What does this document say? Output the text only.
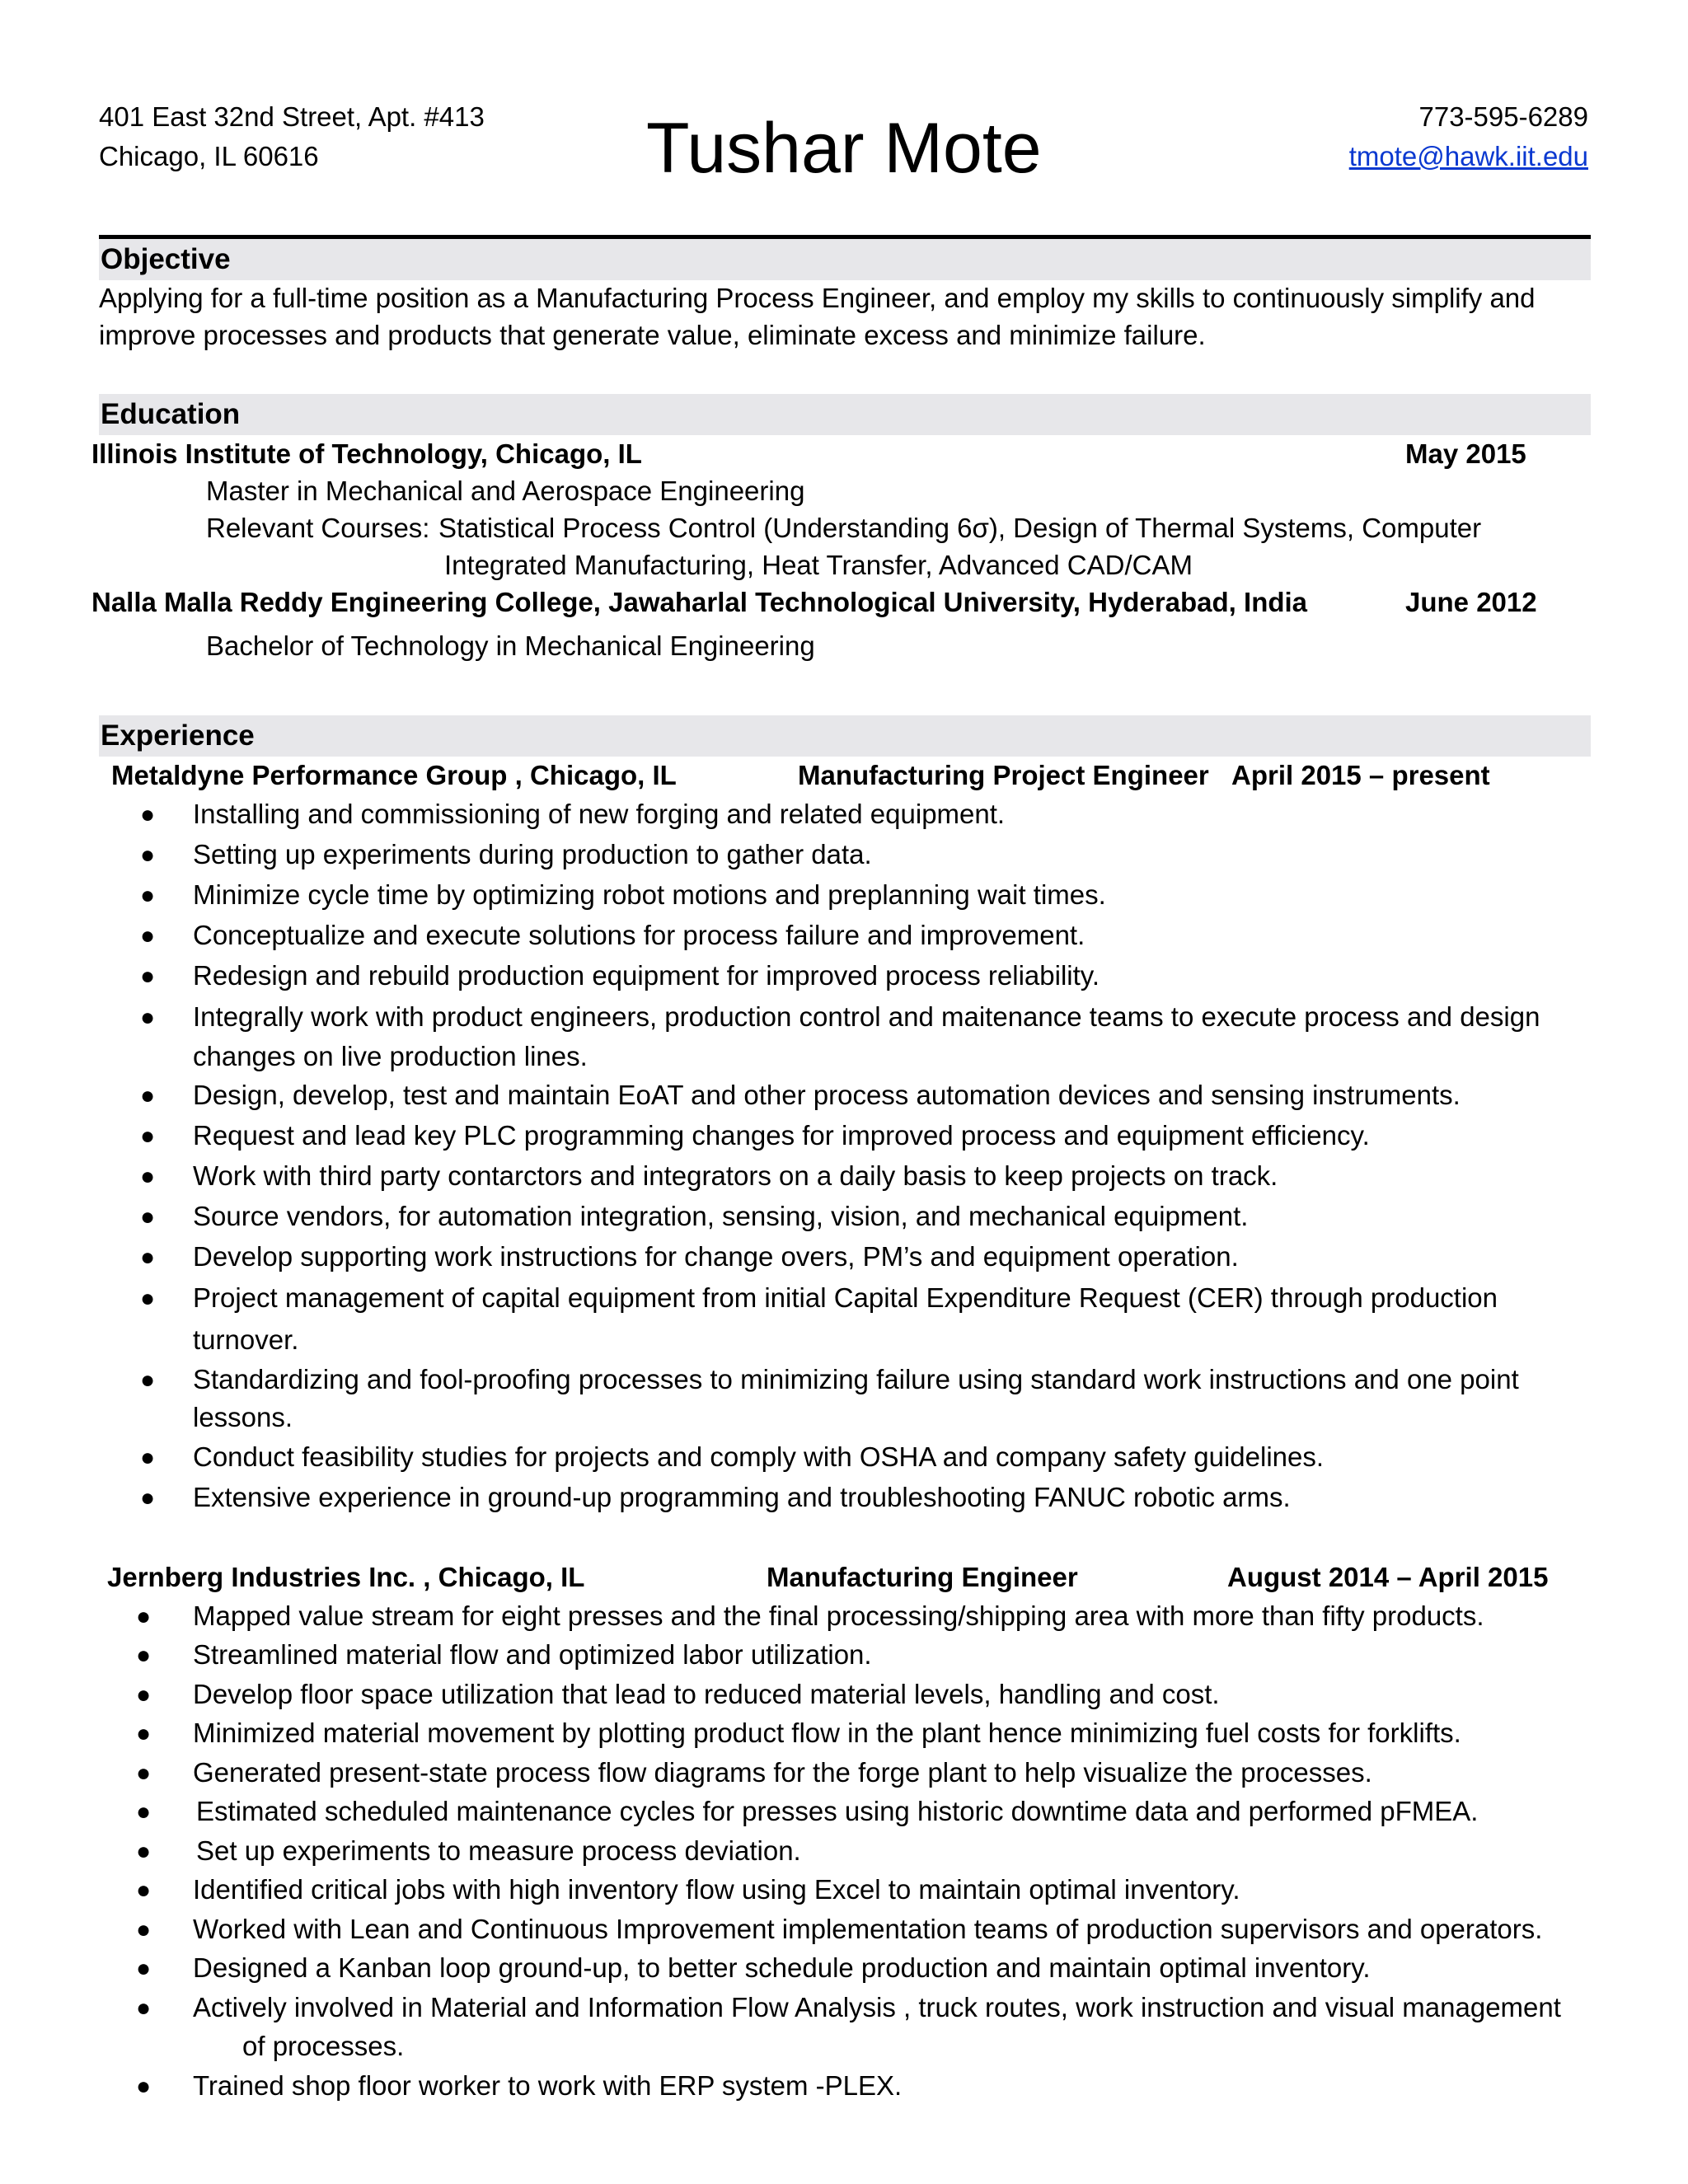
401 East 32nd Street, Apt. #413
Chicago, IL 60616	Tushar Mote	773-595-6289
tmote@hawk.iit.edu
Objective
Applying for a full-time position as a Manufacturing Process Engineer, and employ my skills to continuously simplify and
improve processes and products that generate value, eliminate excess and minimize failure.
Education
Illinois Institute of Technology, Chicago, IL	May 2015
Master in Mechanical and Aerospace Engineering
Relevant Courses: Statistical Process Control (Understanding 6σ), Design of Thermal Systems, Computer
Integrated Manufacturing, Heat Transfer, Advanced CAD/CAM
Nalla Malla Reddy Engineering College, Jawaharlal Technological University, Hyderabad, India	June 2012
Bachelor of Technology in Mechanical Engineering
Experience
Metaldyne Performance Group , Chicago, IL	Manufacturing Project Engineer April 2015 – present
● Installing and commissioning of new forging and related equipment.
● Setting up experiments during production to gather data.
● Minimize cycle time by optimizing robot motions and preplanning wait times.
● Conceptualize and execute solutions for process failure and improvement.
● Redesign and rebuild production equipment for improved process reliability.
● Integrally work with product engineers, production control and maitenance teams to execute process and design
changes on live production lines.
● Design, develop, test and maintain EoAT and other process automation devices and sensing instruments.
● Request and lead key PLC programming changes for improved process and equipment efficiency.
● Work with third party contarctors and integrators on a daily basis to keep projects on track.
● Source vendors, for automation integration, sensing, vision, and mechanical equipment.
● Develop supporting work instructions for change overs, PM’s and equipment operation.
● Project management of capital equipment from initial Capital Expenditure Request (CER) through production
turnover.
● Standardizing and fool-proofing processes to minimizing failure using standard work instructions and one point
lessons.
● Conduct feasibility studies for projects and comply with OSHA and company safety guidelines.
● Extensive experience in ground-up programming and troubleshooting FANUC robotic arms.
Jernberg Industries Inc. , Chicago, IL	Manufacturing Engineer	August 2014 – April 2015
● Mapped value stream for eight presses and the final processing/shipping area with more than fifty products.
● Streamlined material flow and optimized labor utilization.
● Develop floor space utilization that lead to reduced material levels, handling and cost.
● Minimized material movement by plotting product flow in the plant hence minimizing fuel costs for forklifts.
● Generated present-state process flow diagrams for the forge plant to help visualize the processes.
● Estimated scheduled maintenance cycles for presses using historic downtime data and performed pFMEA.
● Set up experiments to measure process deviation.
● Identified critical jobs with high inventory flow using Excel to maintain optimal inventory.
● Worked with Lean and Continuous Improvement implementation teams of production supervisors and operators.
● Designed a Kanban loop ground-up, to better schedule production and maintain optimal inventory.
● Actively involved in Material and Information Flow Analysis , truck routes, work instruction and visual management
of processes.
● Trained shop floor worker to work with ERP system -PLEX.
